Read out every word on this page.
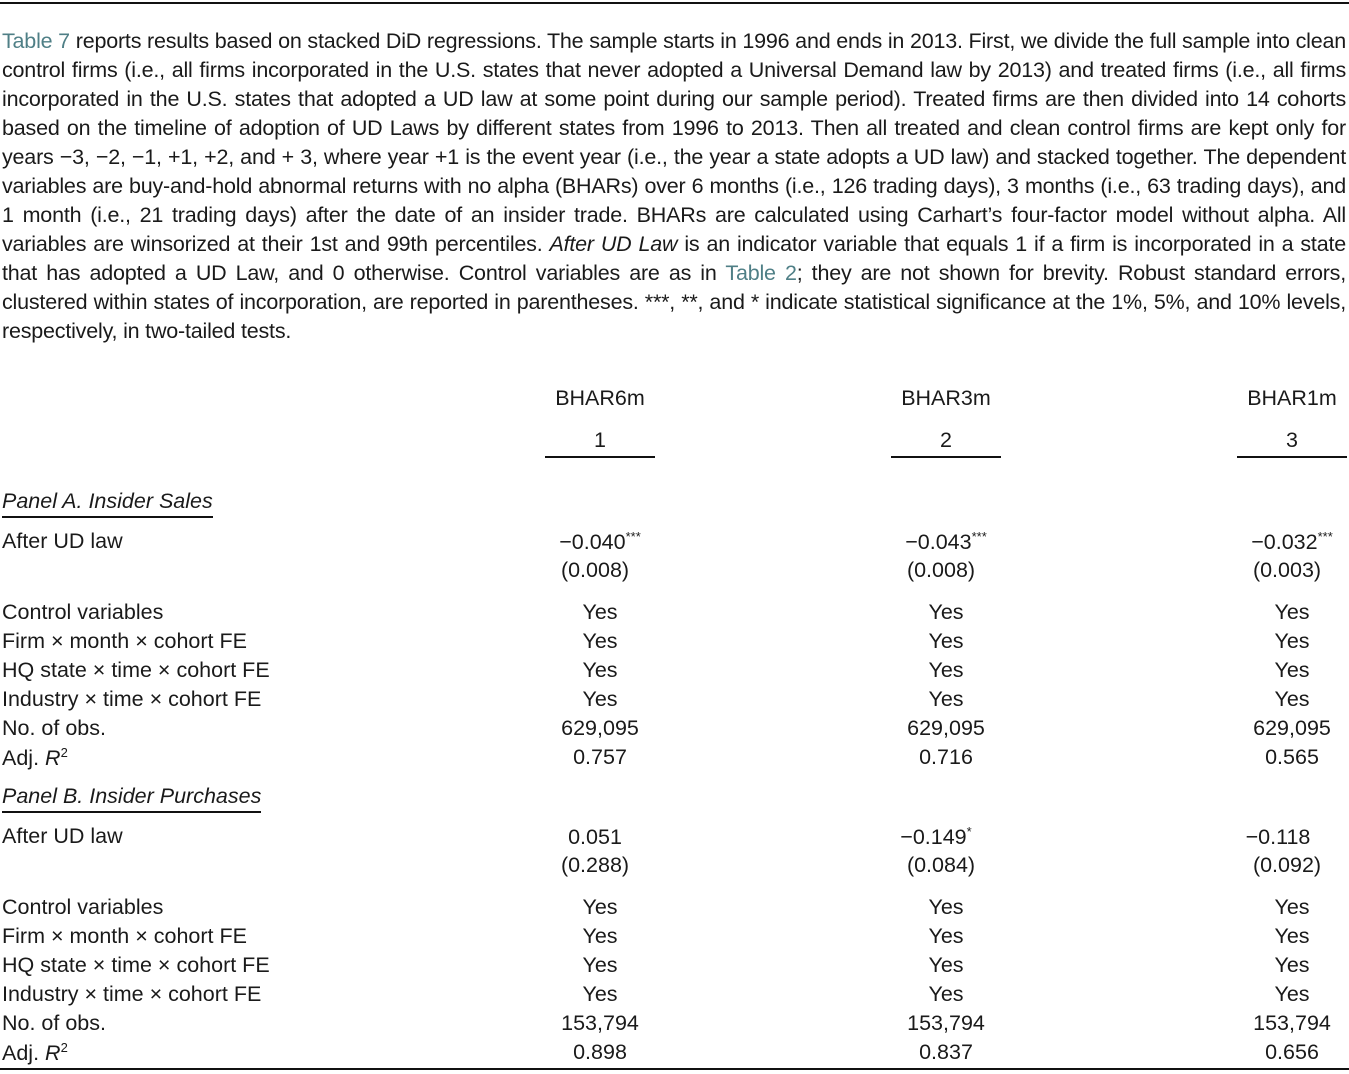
Table 7 reports results based on stacked DiD regressions. The sample starts in 1996 and ends in 2013. First, we divide the full sample into clean control firms (i.e., all firms incorporated in the U.S. states that never adopted a Universal Demand law by 2013) and treated firms (i.e., all firms incorporated in the U.S. states that adopted a UD law at some point during our sample period). Treated firms are then divided into 14 cohorts based on the timeline of adoption of UD Laws by different states from 1996 to 2013. Then all treated and clean control firms are kept only for years −3, −2, −1, +1, +2, and + 3, where year +1 is the event year (i.e., the year a state adopts a UD law) and stacked together. The dependent variables are buy-and-hold abnormal returns with no alpha (BHARs) over 6 months (i.e., 126 trading days), 3 months (i.e., 63 trading days), and 1 month (i.e., 21 trading days) after the date of an insider trade. BHARs are calculated using Carhart’s four-factor model without alpha. All variables are winsorized at their 1st and 99th percentiles. After UD Law is an indicator variable that equals 1 if a firm is incorporated in a state that has adopted a UD Law, and 0 otherwise. Control variables are as in Table 2; they are not shown for brevity. Robust standard errors, clustered within states of incorporation, are reported in parentheses. ***, **, and * indicate statistical significance at the 1%, 5%, and 10% levels, respectively, in two-tailed tests.
BHAR6m	BHAR3m	BHAR1m
1	2	3
Panel A. Insider Sales
After UD law	−0.040***	−0.043***	−0.032***
(0.008)	(0.008)	(0.003)
Control variables	Yes	Yes	Yes
Firm × month × cohort FE	Yes	Yes	Yes
HQ state × time × cohort FE	Yes	Yes	Yes
Industry × time × cohort FE	Yes	Yes	Yes
No. of obs.	629,095	629,095	629,095
Adj. $R^2$	0.757	0.716	0.565
Panel B. Insider Purchases
After UD law	0.051	−0.149*	−0.118
(0.288)	(0.084)	(0.092)
Control variables	Yes	Yes	Yes
Firm × month × cohort FE	Yes	Yes	Yes
HQ state × time × cohort FE	Yes	Yes	Yes
Industry × time × cohort FE	Yes	Yes	Yes
No. of obs.	153,794	153,794	153,794
Adj. $R^2$	0.898	0.837	0.656
